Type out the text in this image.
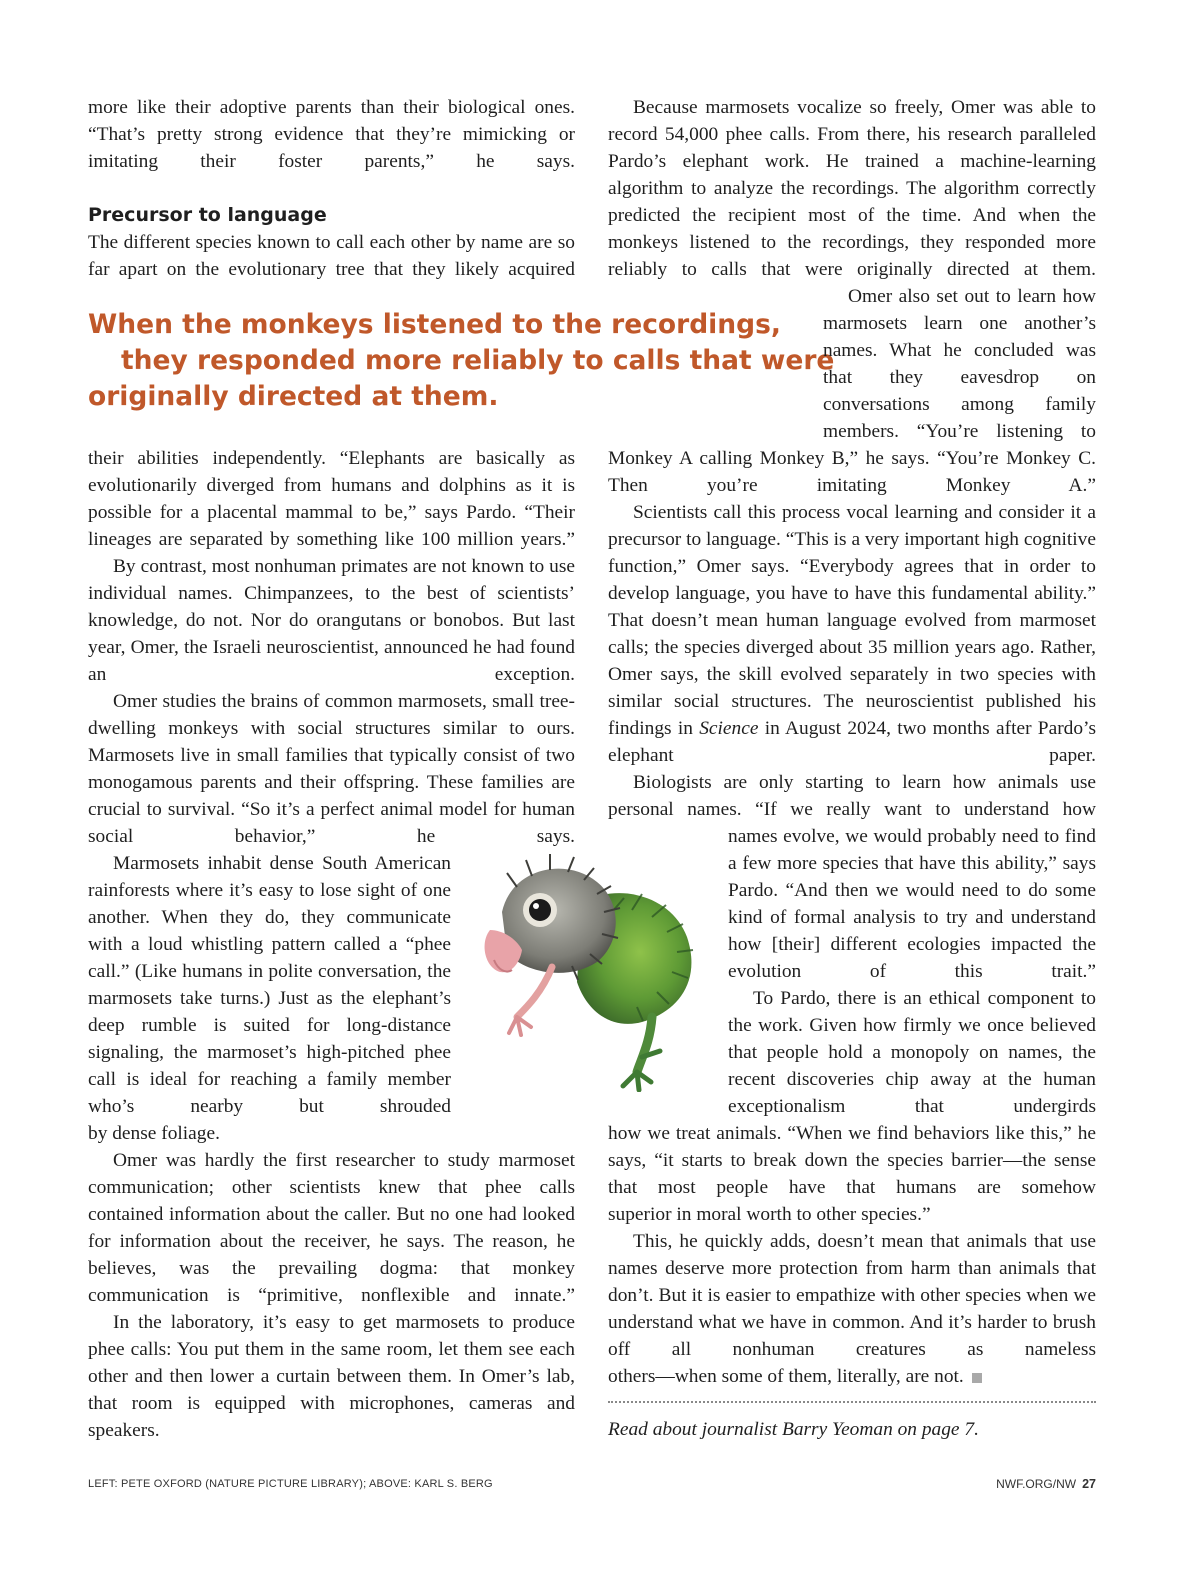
more like their adoptive parents than their biological ones. “That’s pretty strong evidence that they’re mimicking or imitating their foster parents,” he says.

Precursor to language

The different species known to call each other by name are so far apart on the evolutionary tree that they likely acquired

When the monkeys listened to the recordings,
they responded more reliably to calls that were
originally directed at them.

their abilities independently. “Elephants are basically as evolutionarily diverged from humans and dolphins as it is possible for a placental mammal to be,” says Pardo. “Their lineages are separated by something like 100 million years.”

By contrast, most nonhuman primates are not known to use individual names. Chimpanzees, to the best of scientists’ knowledge, do not. Nor do orangutans or bonobos. But last year, Omer, the Israeli neuroscientist, announced he had found an exception.

Omer studies the brains of common marmosets, small tree-dwelling monkeys with social structures similar to ours. Marmosets live in small families that typically consist of two monogamous parents and their offspring. These families are crucial to survival. “So it’s a perfect animal model for human social behavior,” he says.

Marmosets inhabit dense South American rainforests where it’s easy to lose sight of one another. When they do, they communicate with a loud whistling pattern called a “phee call.” (Like humans in polite conversation, the marmosets take turns.) Just as the elephant’s deep rumble is suited for long-distance signaling, the marmoset’s high-pitched phee call is ideal for reaching a family member who’s nearby but shrouded

by dense foliage.

Omer was hardly the first researcher to study marmoset communication; other scientists knew that phee calls contained information about the caller. But no one had looked for information about the receiver, he says. The reason, he believes, was the prevailing dogma: that monkey communication is “primitive, nonflexible and innate.”

In the laboratory, it’s easy to get marmosets to produce phee calls: You put them in the same room, let them see each other and then lower a curtain between them. In Omer’s lab, that room is equipped with microphones, cameras and speakers.

Because marmosets vocalize so freely, Omer was able to record 54,000 phee calls. From there, his research paralleled Pardo’s elephant work. He trained a machine-learning algorithm to analyze the recordings. The algorithm correctly predicted the recipient most of the time. And when the monkeys listened to the recordings, they responded more reliably to calls that were originally directed at them.

Omer also set out to learn how marmosets learn one another’s names. What he concluded was that they eavesdrop on conversations among family members. “You’re listening to

Monkey A calling Monkey B,” he says. “You’re Monkey C. Then you’re imitating Monkey A.”

Scientists call this process vocal learning and consider it a precursor to language. “This is a very important high cognitive function,” Omer says. “Everybody agrees that in order to develop language, you have to have this fundamental ability.” That doesn’t mean human language evolved from marmoset calls; the species diverged about 35 million years ago. Rather, Omer says, the skill evolved separately in two species with similar social structures. The neuroscientist published his findings in Science in August 2024, two months after Pardo’s elephant paper.

Biologists are only starting to learn how animals use personal names. “If we really want to understand how

names evolve, we would probably need to find a few more species that have this ability,” says Pardo. “And then we would need to do some kind of formal analysis to try and understand how [their] different ecologies impacted the evolution of this trait.”

To Pardo, there is an ethical component to the work. Given how firmly we once believed that people hold a monopoly on names, the recent discoveries chip away at the human exceptionalism that undergirds

how we treat animals. “When we find behaviors like this,” he says, “it starts to break down the species barrier—the sense that most people have that humans are somehow

superior in moral worth to other species.”

This, he quickly adds, doesn’t mean that animals that use names deserve more protection from harm than animals that don’t. But it is easier to empathize with other species when we understand what we have in common. And it’s harder to brush off all nonhuman creatures as nameless

others—when some of them, literally, are not.

Read about journalist Barry Yeoman on page 7.

LEFT: PETE OXFORD (NATURE PICTURE LIBRARY); ABOVE: KARL S. BERG	NWF.ORG/NW 27
